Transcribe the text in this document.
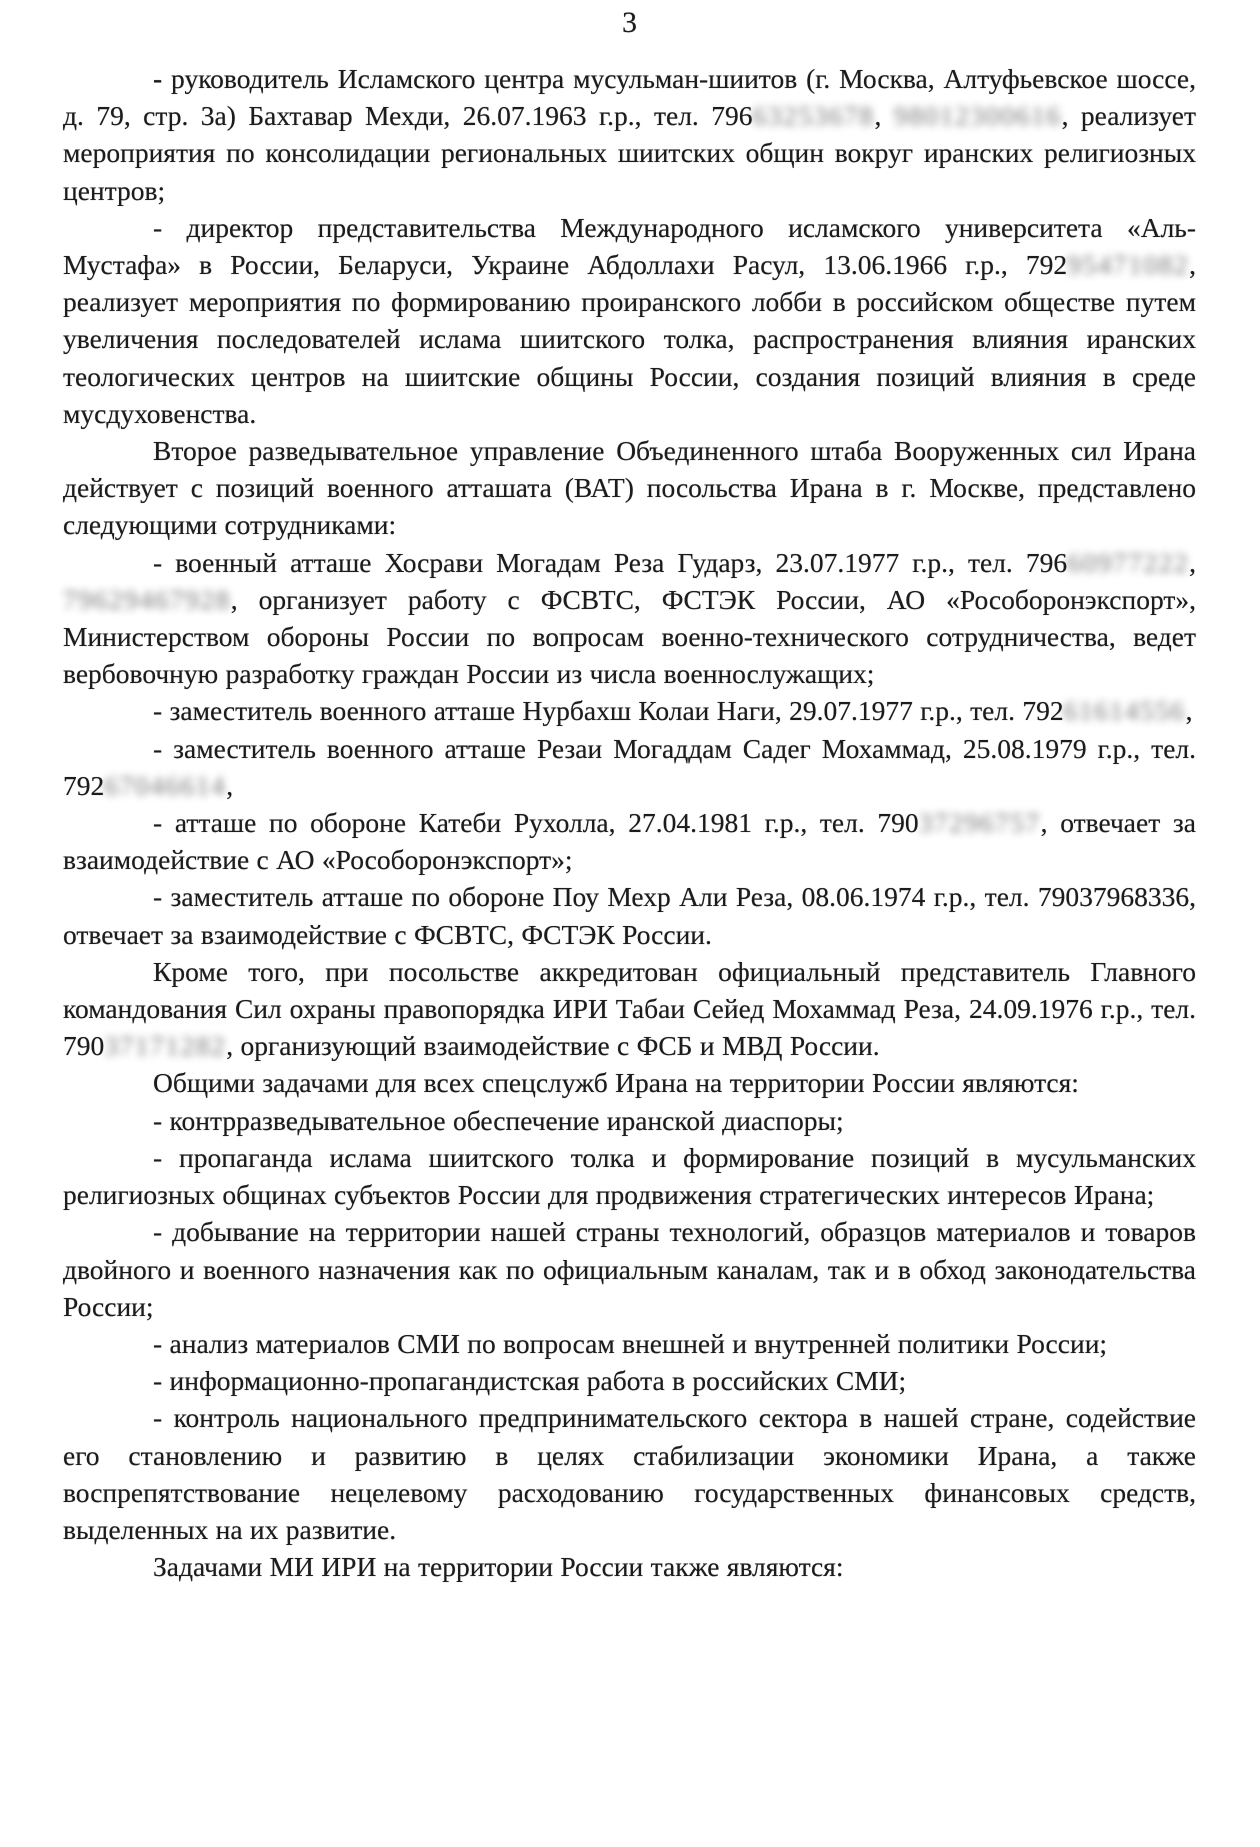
3

- руководитель Исламского центра мусульман-шиитов (г. Москва, Алтуфьевское шоссе, д. 79, стр. 3а) Бахтавар Мехди, 26.07.1963 г.р., тел. 79663253678, 98012300616, реализует мероприятия по консолидации региональных шиитских общин вокруг иранских религиозных центров;

- директор представительства Международного исламского университета «Аль-Мустафа» в России, Беларуси, Украине Абдоллахи Расул, 13.06.1966 г.р., 79295471082, реализует мероприятия по формированию проиранского лобби в российском обществе путем увеличения последователей ислама шиитского толка, распространения влияния иранских теологических центров на шиитские общины России, создания позиций влияния в среде мусдуховенства.

Второе разведывательное управление Объединенного штаба Вооруженных сил Ирана действует с позиций военного атташата (ВАТ) посольства Ирана в г. Москве, представлено следующими сотрудниками:

- военный атташе Хосрави Могадам Реза Гударз, 23.07.1977 г.р., тел. 79660977222, 79629467928, организует работу с ФСВТС, ФСТЭК России, АО «Рособоронэкспорт», Министерством обороны России по вопросам военно-технического сотрудничества, ведет вербовочную разработку граждан России из числа военнослужащих;

- заместитель военного атташе Нурбахш Колаи Наги, 29.07.1977 г.р., тел. 79261614556,

- заместитель военного атташе Резаи Могаддам Садег Мохаммад, 25.08.1979 г.р., тел. 79267046614,

- атташе по обороне Катеби Рухолла, 27.04.1981 г.р., тел. 79037296757, отвечает за взаимодействие с АО «Рособоронэкспорт»;

- заместитель атташе по обороне Поу Мехр Али Реза, 08.06.1974 г.р., тел. 79037968336, отвечает за взаимодействие с ФСВТС, ФСТЭК России.

Кроме того, при посольстве аккредитован официальный представитель Главного командования Сил охраны правопорядка ИРИ Табаи Сейед Мохаммад Реза, 24.09.1976 г.р., тел. 79037171282, организующий взаимодействие с ФСБ и МВД России.

Общими задачами для всех спецслужб Ирана на территории России являются:

- контрразведывательное обеспечение иранской диаспоры;

- пропаганда ислама шиитского толка и формирование позиций в мусульманских религиозных общинах субъектов России для продвижения стратегических интересов Ирана;

- добывание на территории нашей страны технологий, образцов материалов и товаров двойного и военного назначения как по официальным каналам, так и в обход законодательства России;

- анализ материалов СМИ по вопросам внешней и внутренней политики России;

- информационно-пропагандистская работа в российских СМИ;

- контроль национального предпринимательского сектора в нашей стране, содействие его становлению и развитию в целях стабилизации экономики Ирана, а также воспрепятствование нецелевому расходованию государственных финансовых средств, выделенных на их развитие.

Задачами МИ ИРИ на территории России также являются:
